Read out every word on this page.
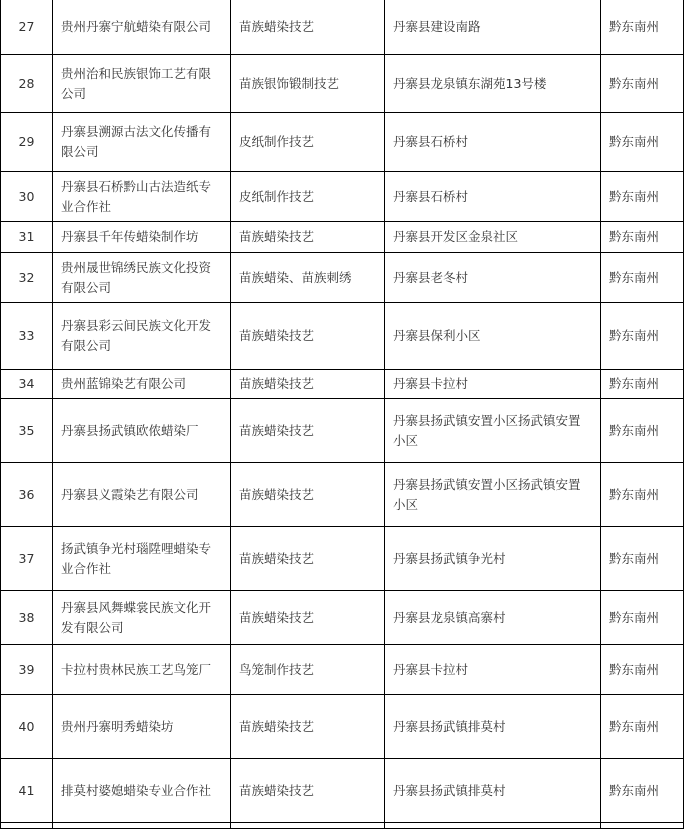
27	贵州丹寨宁航蜡染有限公司	苗族蜡染技艺	丹寨县建设南路	黔东南州
28	贵州治和民族银饰工艺有限公司	苗族银饰锻制技艺	丹寨县龙泉镇东湖苑13号楼	黔东南州
29	丹寨县溯源古法文化传播有限公司	皮纸制作技艺	丹寨县石桥村	黔东南州
30	丹寨县石桥黔山古法造纸专业合作社	皮纸制作技艺	丹寨县石桥村	黔东南州
31	丹寨县千年传蜡染制作坊	苗族蜡染技艺	丹寨县开发区金泉社区	黔东南州
32	贵州晟世锦绣民族文化投资有限公司	苗族蜡染、苗族刺绣	丹寨县老冬村	黔东南州
33	丹寨县彩云间民族文化开发有限公司	苗族蜡染技艺	丹寨县保利小区	黔东南州
34	贵州蓝锦染艺有限公司	苗族蜡染技艺	丹寨县卡拉村	黔东南州
35	丹寨县扬武镇欧侬蜡染厂	苗族蜡染技艺	丹寨县扬武镇安置小区扬武镇安置小区	黔东南州
36	丹寨县义霞染艺有限公司	苗族蜡染技艺	丹寨县扬武镇安置小区扬武镇安置小区	黔东南州
37	扬武镇争光村瑙陞哩蜡染专业合作社	苗族蜡染技艺	丹寨县扬武镇争光村	黔东南州
38	丹寨县风舞蝶裳民族文化开发有限公司	苗族蜡染技艺	丹寨县龙泉镇高寨村	黔东南州
39	卡拉村贵林民族工艺鸟笼厂	鸟笼制作技艺	丹寨县卡拉村	黔东南州
40	贵州丹寨明秀蜡染坊	苗族蜡染技艺	丹寨县扬武镇排莫村	黔东南州
41	排莫村婆媳蜡染专业合作社	苗族蜡染技艺	丹寨县扬武镇排莫村	黔东南州
